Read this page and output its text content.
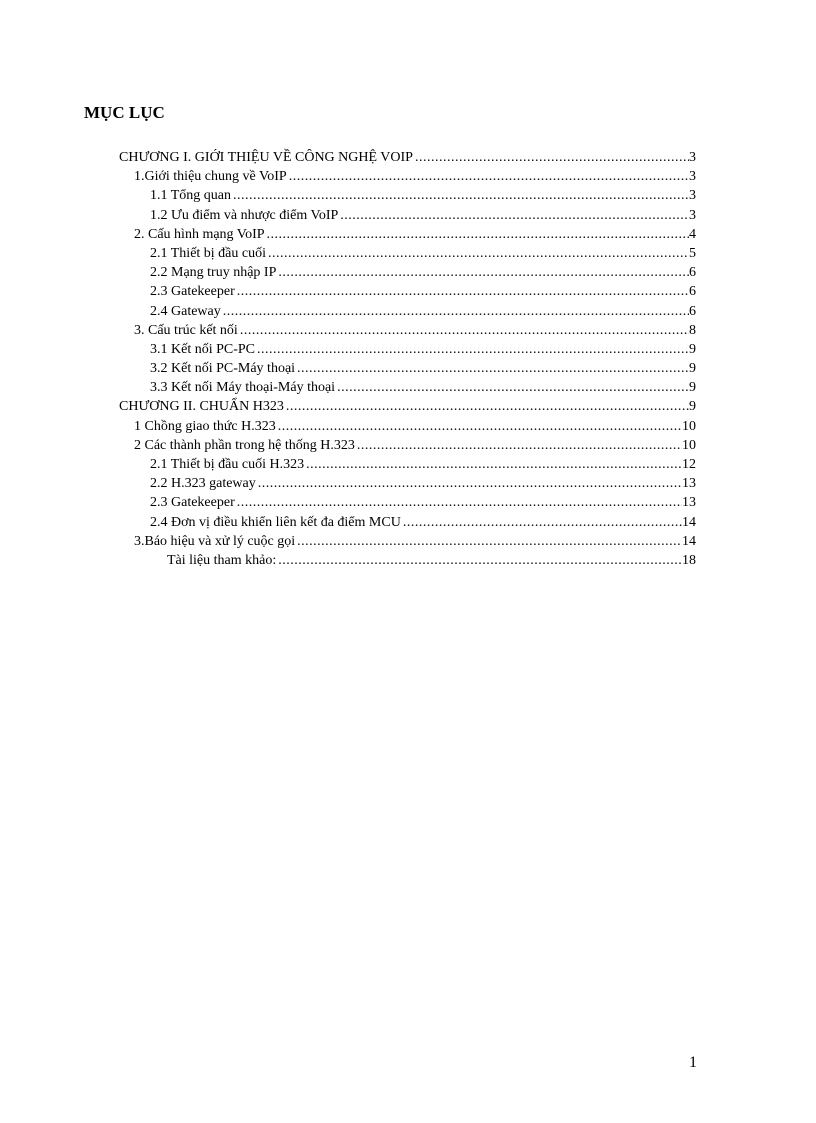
MỤC LỤC
CHƯƠNG I. GIỚI THIỆU VỀ CÔNG NGHỆ VOIP .....	3
1.Giới thiệu chung về VoIP .....	3
1.1 Tổng quan .....	3
1.2 Ưu điểm và nhược điểm VoIP .....	3
2. Cấu hình mạng VoIP .....	4
2.1 Thiết bị đầu cuối .....	5
2.2 Mạng truy nhập IP .....	6
2.3 Gatekeeper .....	6
2.4 Gateway .....	6
3. Cấu trúc kết nối .....	8
3.1 Kết nối PC-PC .....	9
3.2 Kết nối PC-Máy thoại .....	9
3.3 Kết nối Máy thoại-Máy thoại .....	9
CHƯƠNG II. CHUẨN H323 .....	9
1 Chồng giao thức H.323 .....	10
2 Các thành phần trong hệ thống H.323 .....	10
2.1 Thiết bị đầu cuối H.323 .....	12
2.2 H.323 gateway .....	13
2.3 Gatekeeper .....	13
2.4 Đơn vị điều khiển liên kết đa điểm MCU .....	14
3.Báo hiệu và xử lý cuộc gọi .....	14
Tài liệu tham khảo: .....	18
1
